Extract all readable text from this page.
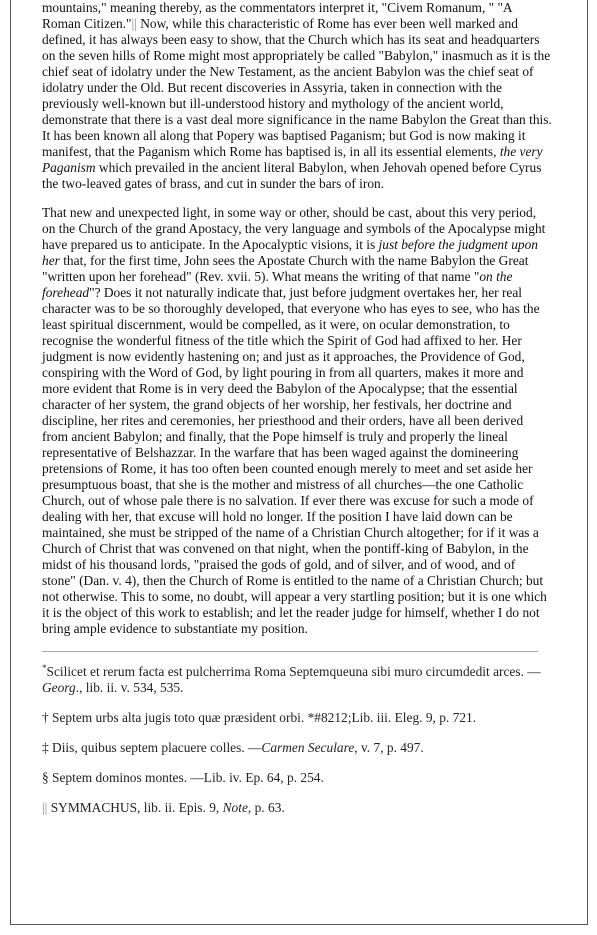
mountains," meaning thereby, as the commentators interpret it, "Civem Romanum, " "A Roman Citizen."|| Now, while this characteristic of Rome has ever been well marked and defined, it has always been easy to show, that the Church which has its seat and headquarters on the seven hills of Rome might most appropriately be called "Babylon," inasmuch as it is the chief seat of idolatry under the New Testament, as the ancient Babylon was the chief seat of idolatry under the Old. But recent discoveries in Assyria, taken in connection with the previously well-known but ill-understood history and mythology of the ancient world, demonstrate that there is a vast deal more significance in the name Babylon the Great than this. It has been known all along that Popery was baptised Paganism; but God is now making it manifest, that the Paganism which Rome has baptised is, in all its essential elements, the very Paganism which prevailed in the ancient literal Babylon, when Jehovah opened before Cyrus the two-leaved gates of brass, and cut in sunder the bars of iron.

That new and unexpected light, in some way or other, should be cast, about this very period, on the Church of the grand Apostacy, the very language and symbols of the Apocalypse might have prepared us to anticipate. In the Apocalyptic visions, it is just before the judgment upon her that, for the first time, John sees the Apostate Church with the name Babylon the Great "written upon her forehead" (Rev. xvii. 5). What means the writing of that name "on the forehead"? Does it not naturally indicate that, just before judgment overtakes her, her real character was to be so thoroughly developed, that everyone who has eyes to see, who has the least spiritual discernment, would be compelled, as it were, on ocular demonstration, to recognise the wonderful fitness of the title which the Spirit of God had affixed to her. Her judgment is now evidently hastening on; and just as it approaches, the Providence of God, conspiring with the Word of God, by light pouring in from all quarters, makes it more and more evident that Rome is in very deed the Babylon of the Apocalypse; that the essential character of her system, the grand objects of her worship, her festivals, her doctrine and discipline, her rites and ceremonies, her priesthood and their orders, have all been derived from ancient Babylon; and finally, that the Pope himself is truly and properly the lineal representative of Belshazzar. In the warfare that has been waged against the domineering pretensions of Rome, it has too often been counted enough merely to meet and set aside her presumptuous boast, that she is the mother and mistress of all churches—the one Catholic Church, out of whose pale there is no salvation. If ever there was excuse for such a mode of dealing with her, that excuse will hold no longer. If the position I have laid down can be maintained, she must be stripped of the name of a Christian Church altogether; for if it was a Church of Christ that was convened on that night, when the pontiff-king of Babylon, in the midst of his thousand lords, "praised the gods of gold, and of silver, and of wood, and of stone" (Dan. v. 4), then the Church of Rome is entitled to the name of a Christian Church; but not otherwise. This to some, no doubt, will appear a very startling position; but it is one which it is the object of this work to establish; and let the reader judge for himself, whether I do not bring ample evidence to substantiate my position.

*Scilicet et rerum facta est pulcherrima Roma Septemqueuna sibi muro circumdedit arces. —Georg., lib. ii. v. 534, 535.

† Septem urbs alta jugis toto quæ præsident orbi. *#8212;Lib. iii. Eleg. 9, p. 721.

‡ Diis, quibus septem placuere colles. —Carmen Seculare, v. 7, p. 497.

§ Septem dominos montes. —Lib. iv. Ep. 64, p. 254.

|| SYMMACHUS, lib. ii. Epis. 9, Note, p. 63.
